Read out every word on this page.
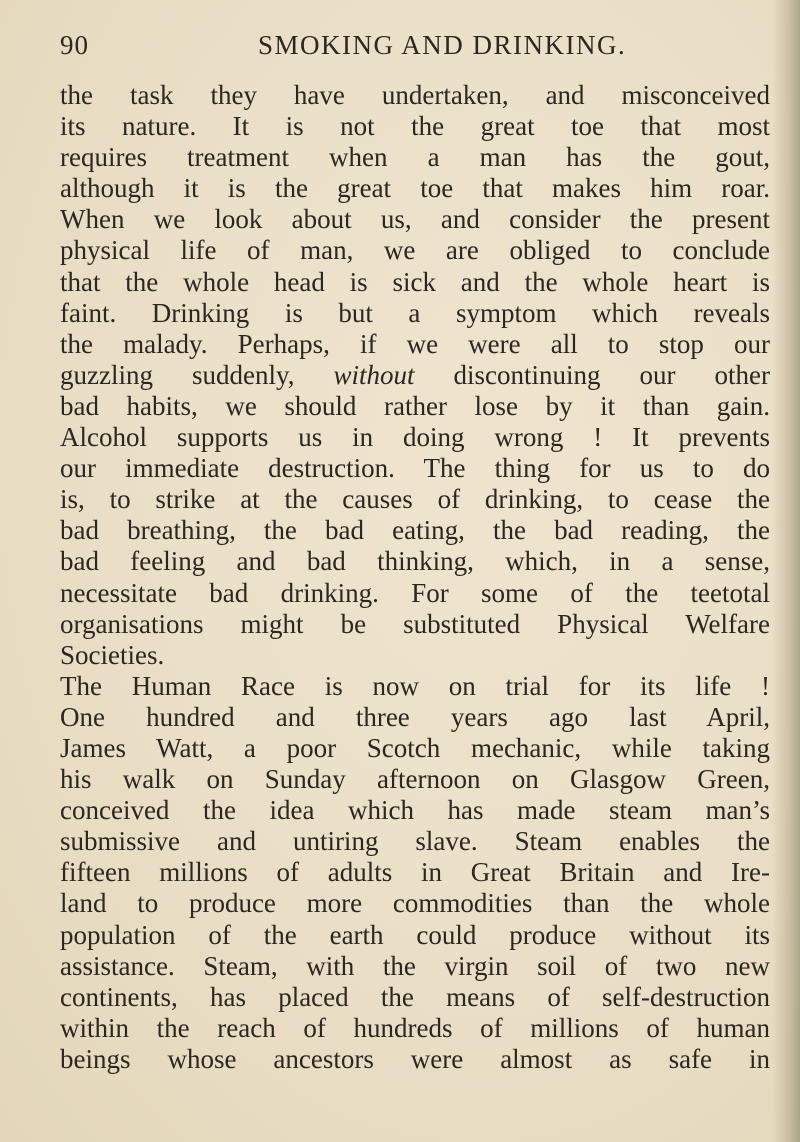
90	SMOKING AND DRINKING.
the task they have undertaken, and misconceived
its nature. It is not the great toe that most
requires treatment when a man has the gout,
although it is the great toe that makes him roar.
When we look about us, and consider the present
physical life of man, we are obliged to conclude
that the whole head is sick and the whole heart is
faint. Drinking is but a symptom which reveals
the malady. Perhaps, if we were all to stop our
guzzling suddenly, without discontinuing our other
bad habits, we should rather lose by it than gain.
Alcohol supports us in doing wrong ! It prevents
our immediate destruction. The thing for us to do
is, to strike at the causes of drinking, to cease the
bad breathing, the bad eating, the bad reading, the
bad feeling and bad thinking, which, in a sense,
necessitate bad drinking. For some of the teetotal
organisations might be substituted Physical Welfare
Societies.
The Human Race is now on trial for its life !
One hundred and three years ago last April,
James Watt, a poor Scotch mechanic, while taking
his walk on Sunday afternoon on Glasgow Green,
conceived the idea which has made steam man’s
submissive and untiring slave. Steam enables the
fifteen millions of adults in Great Britain and Ire-
land to produce more commodities than the whole
population of the earth could produce without its
assistance. Steam, with the virgin soil of two new
continents, has placed the means of self-destruction
within the reach of hundreds of millions of human
beings whose ancestors were almost as safe in
